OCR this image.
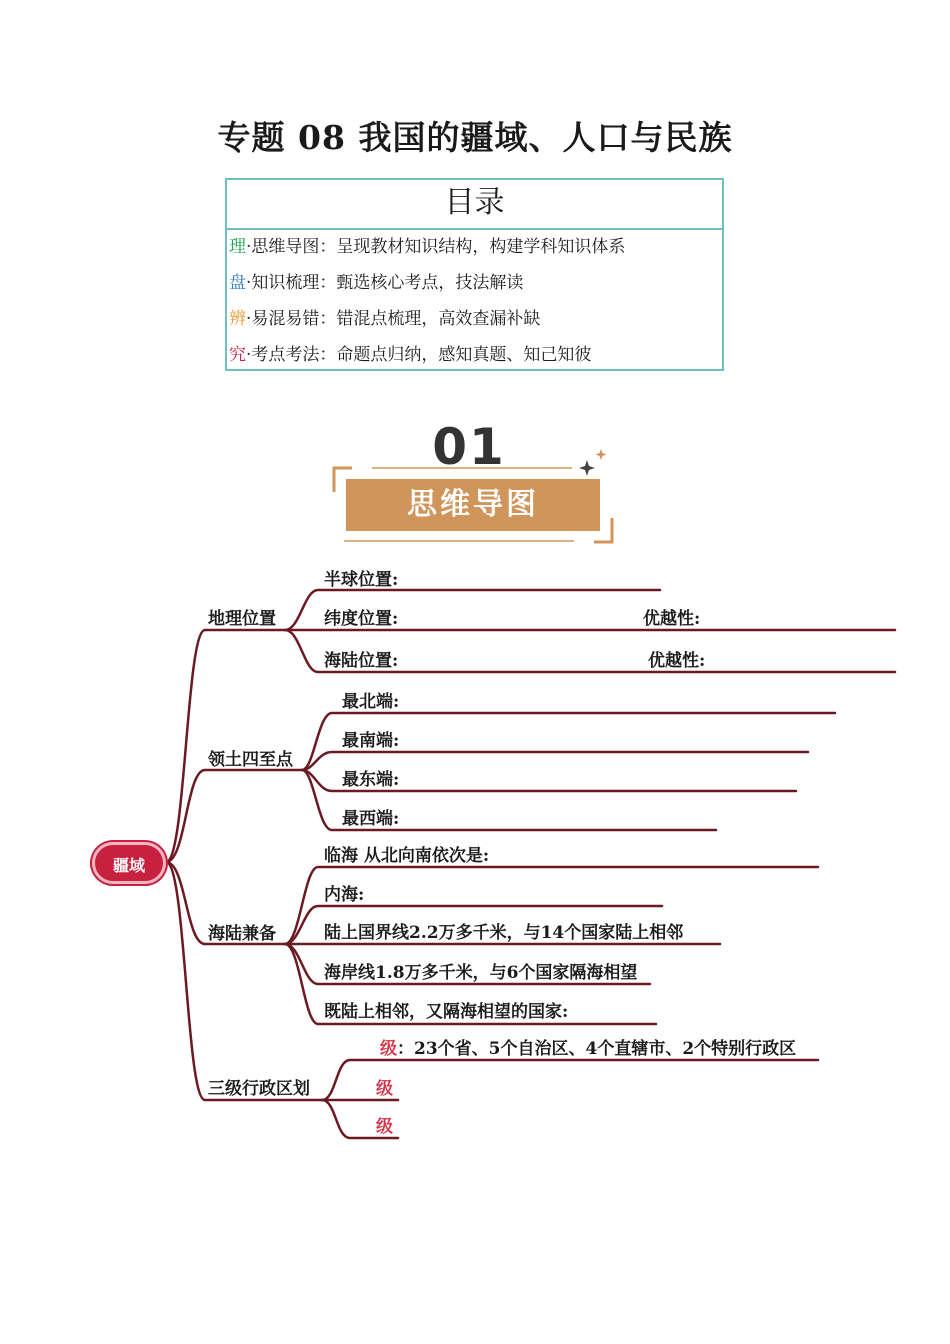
专题 08 我国的疆域、人口与民族
目录
理·思维导图：呈现教材知识结构，构建学科知识体系
盘·知识梳理：甄选核心考点，技法解读
辨·易混易错：错混点梳理，高效查漏补缺
究·考点考法：命题点归纳，感知真题、知己知彼
01
思维导图
疆域
地理位置
领土四至点
海陆兼备
三级行政区划
半球位置:
纬度位置:	优越性:
海陆位置:	优越性:
最北端:
最南端:
最东端:
最西端:
临海 从北向南依次是:
内海:
陆上国界线2.2万多千米，与14个国家陆上相邻
海岸线1.8万多千米，与6个国家隔海相望
既陆上相邻，又隔海相望的国家:
级：23个省、5个自治区、4个直辖市、2个特别行政区
级
级
